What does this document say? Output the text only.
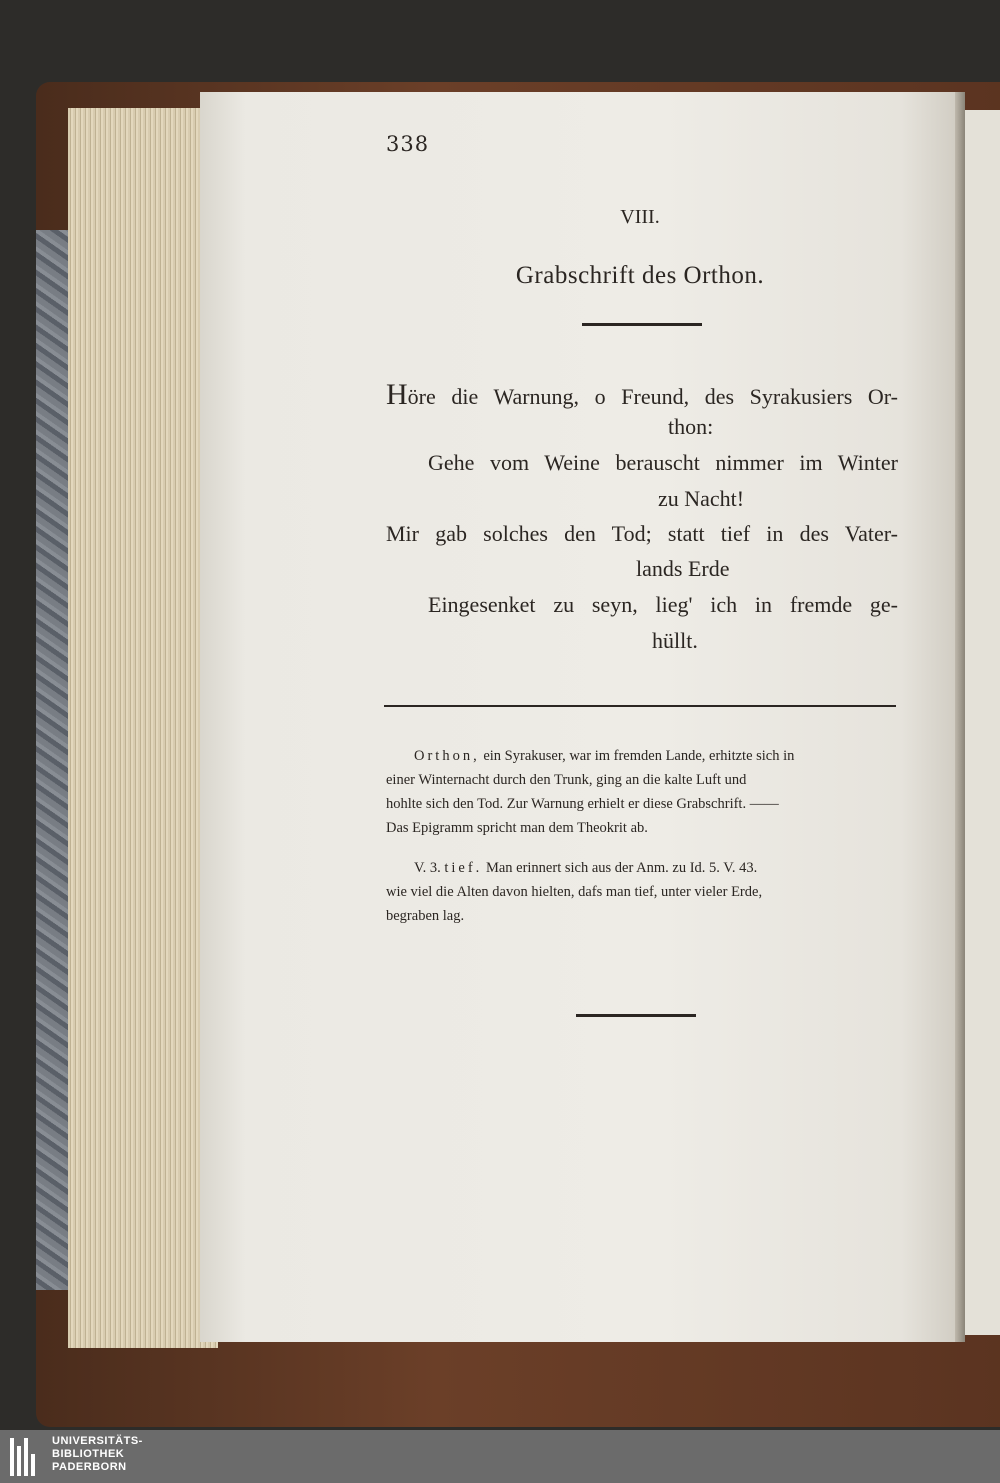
338
VIII.
Grabschrift des Orthon.
Höre die Warnung, o Freund, des Syrakusiers Or-
thon:
Gehe vom Weine berauscht nimmer im Winter
zu Nacht!
Mir gab solches den Tod; statt tief in des Vater-
lands Erde
Eingesenket zu seyn, lieg' ich in fremde ge-
hüllt.
Orthon, ein Syrakuser, war im fremden Lande, erhitzte sich in
einer Winternacht durch den Trunk, ging an die kalte Luft und
hohlte sich den Tod. Zur Warnung erhielt er diese Grabschrift. ——
Das Epigramm spricht man dem Theokrit ab.
V. 3. tief. Man erinnert sich aus der Anm. zu Id. 5. V. 43.
wie viel die Alten davon hielten, dafs man tief, unter vieler Erde,
begraben lag.
UNIVERSITÄTS-
BIBLIOTHEK
PADERBORN
